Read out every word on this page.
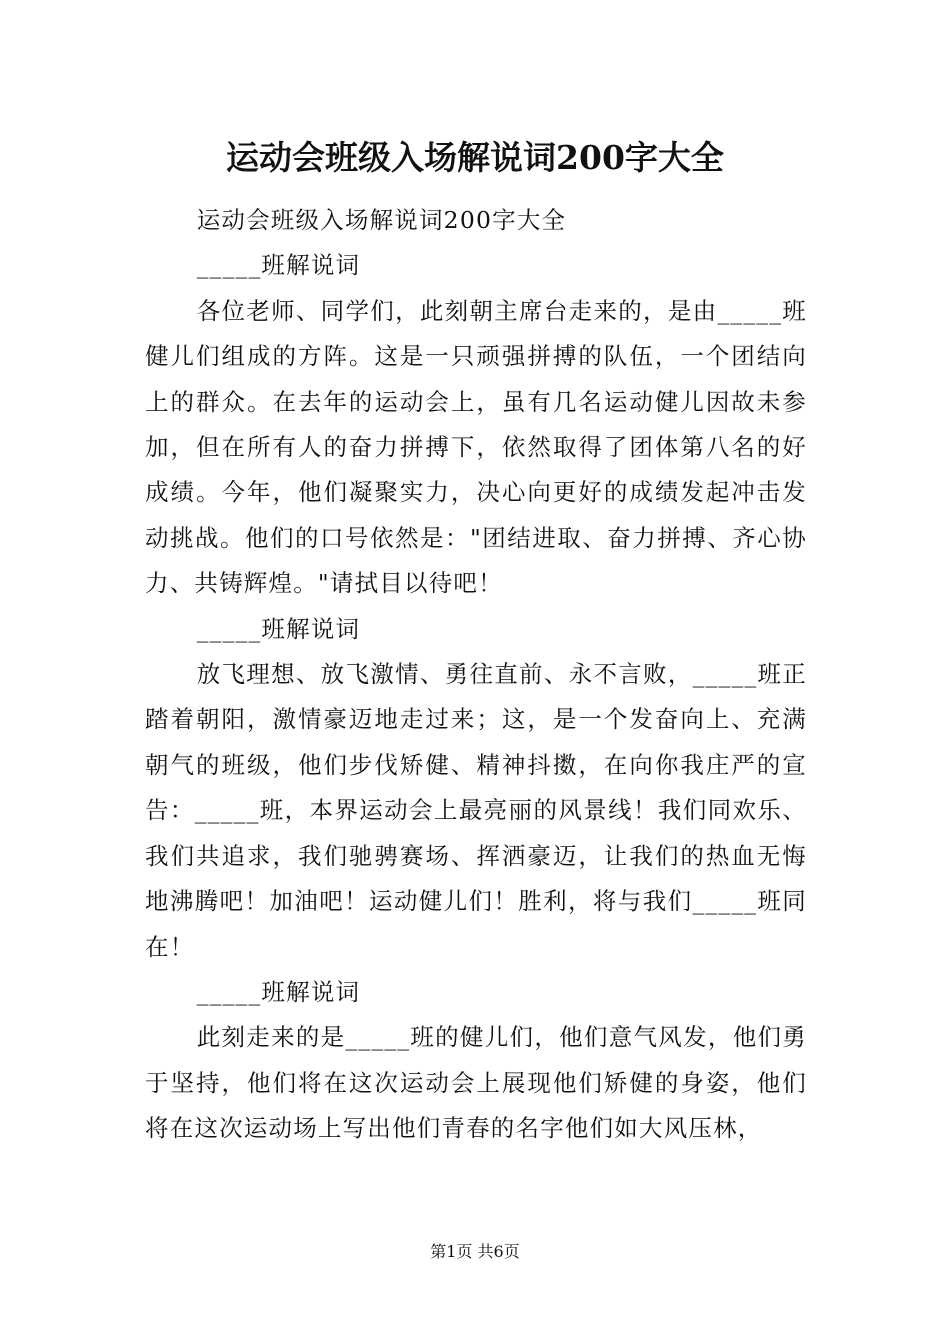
运动会班级入场解说词200字大全

运动会班级入场解说词200字大全

_____班解说词

各位老师、同学们，此刻朝主席台走来的，是由_____班健儿们组成的方阵。这是一只顽强拼搏的队伍，一个团结向上的群众。在去年的运动会上，虽有几名运动健儿因故未参加，但在所有人的奋力拼搏下，依然取得了团体第八名的好成绩。今年，他们凝聚实力，决心向更好的成绩发起冲击发动挑战。他们的口号依然是："团结进取、奋力拼搏、齐心协力、共铸辉煌。"请拭目以待吧！

_____班解说词

放飞理想、放飞激情、勇往直前、永不言败，_____班正踏着朝阳，激情豪迈地走过来；这，是一个发奋向上、充满朝气的班级，他们步伐矫健、精神抖擞，在向你我庄严的宣告：_____班，本界运动会上最亮丽的风景线！我们同欢乐、我们共追求，我们驰骋赛场、挥洒豪迈，让我们的热血无悔地沸腾吧！加油吧！运动健儿们！胜利，将与我们_____班同在！

_____班解说词

此刻走来的是_____班的健儿们，他们意气风发，他们勇于坚持，他们将在这次运动会上展现他们矫健的身姿，他们将在这次运动场上写出他们青春的名字他们如大风压林，

第1页 共6页
